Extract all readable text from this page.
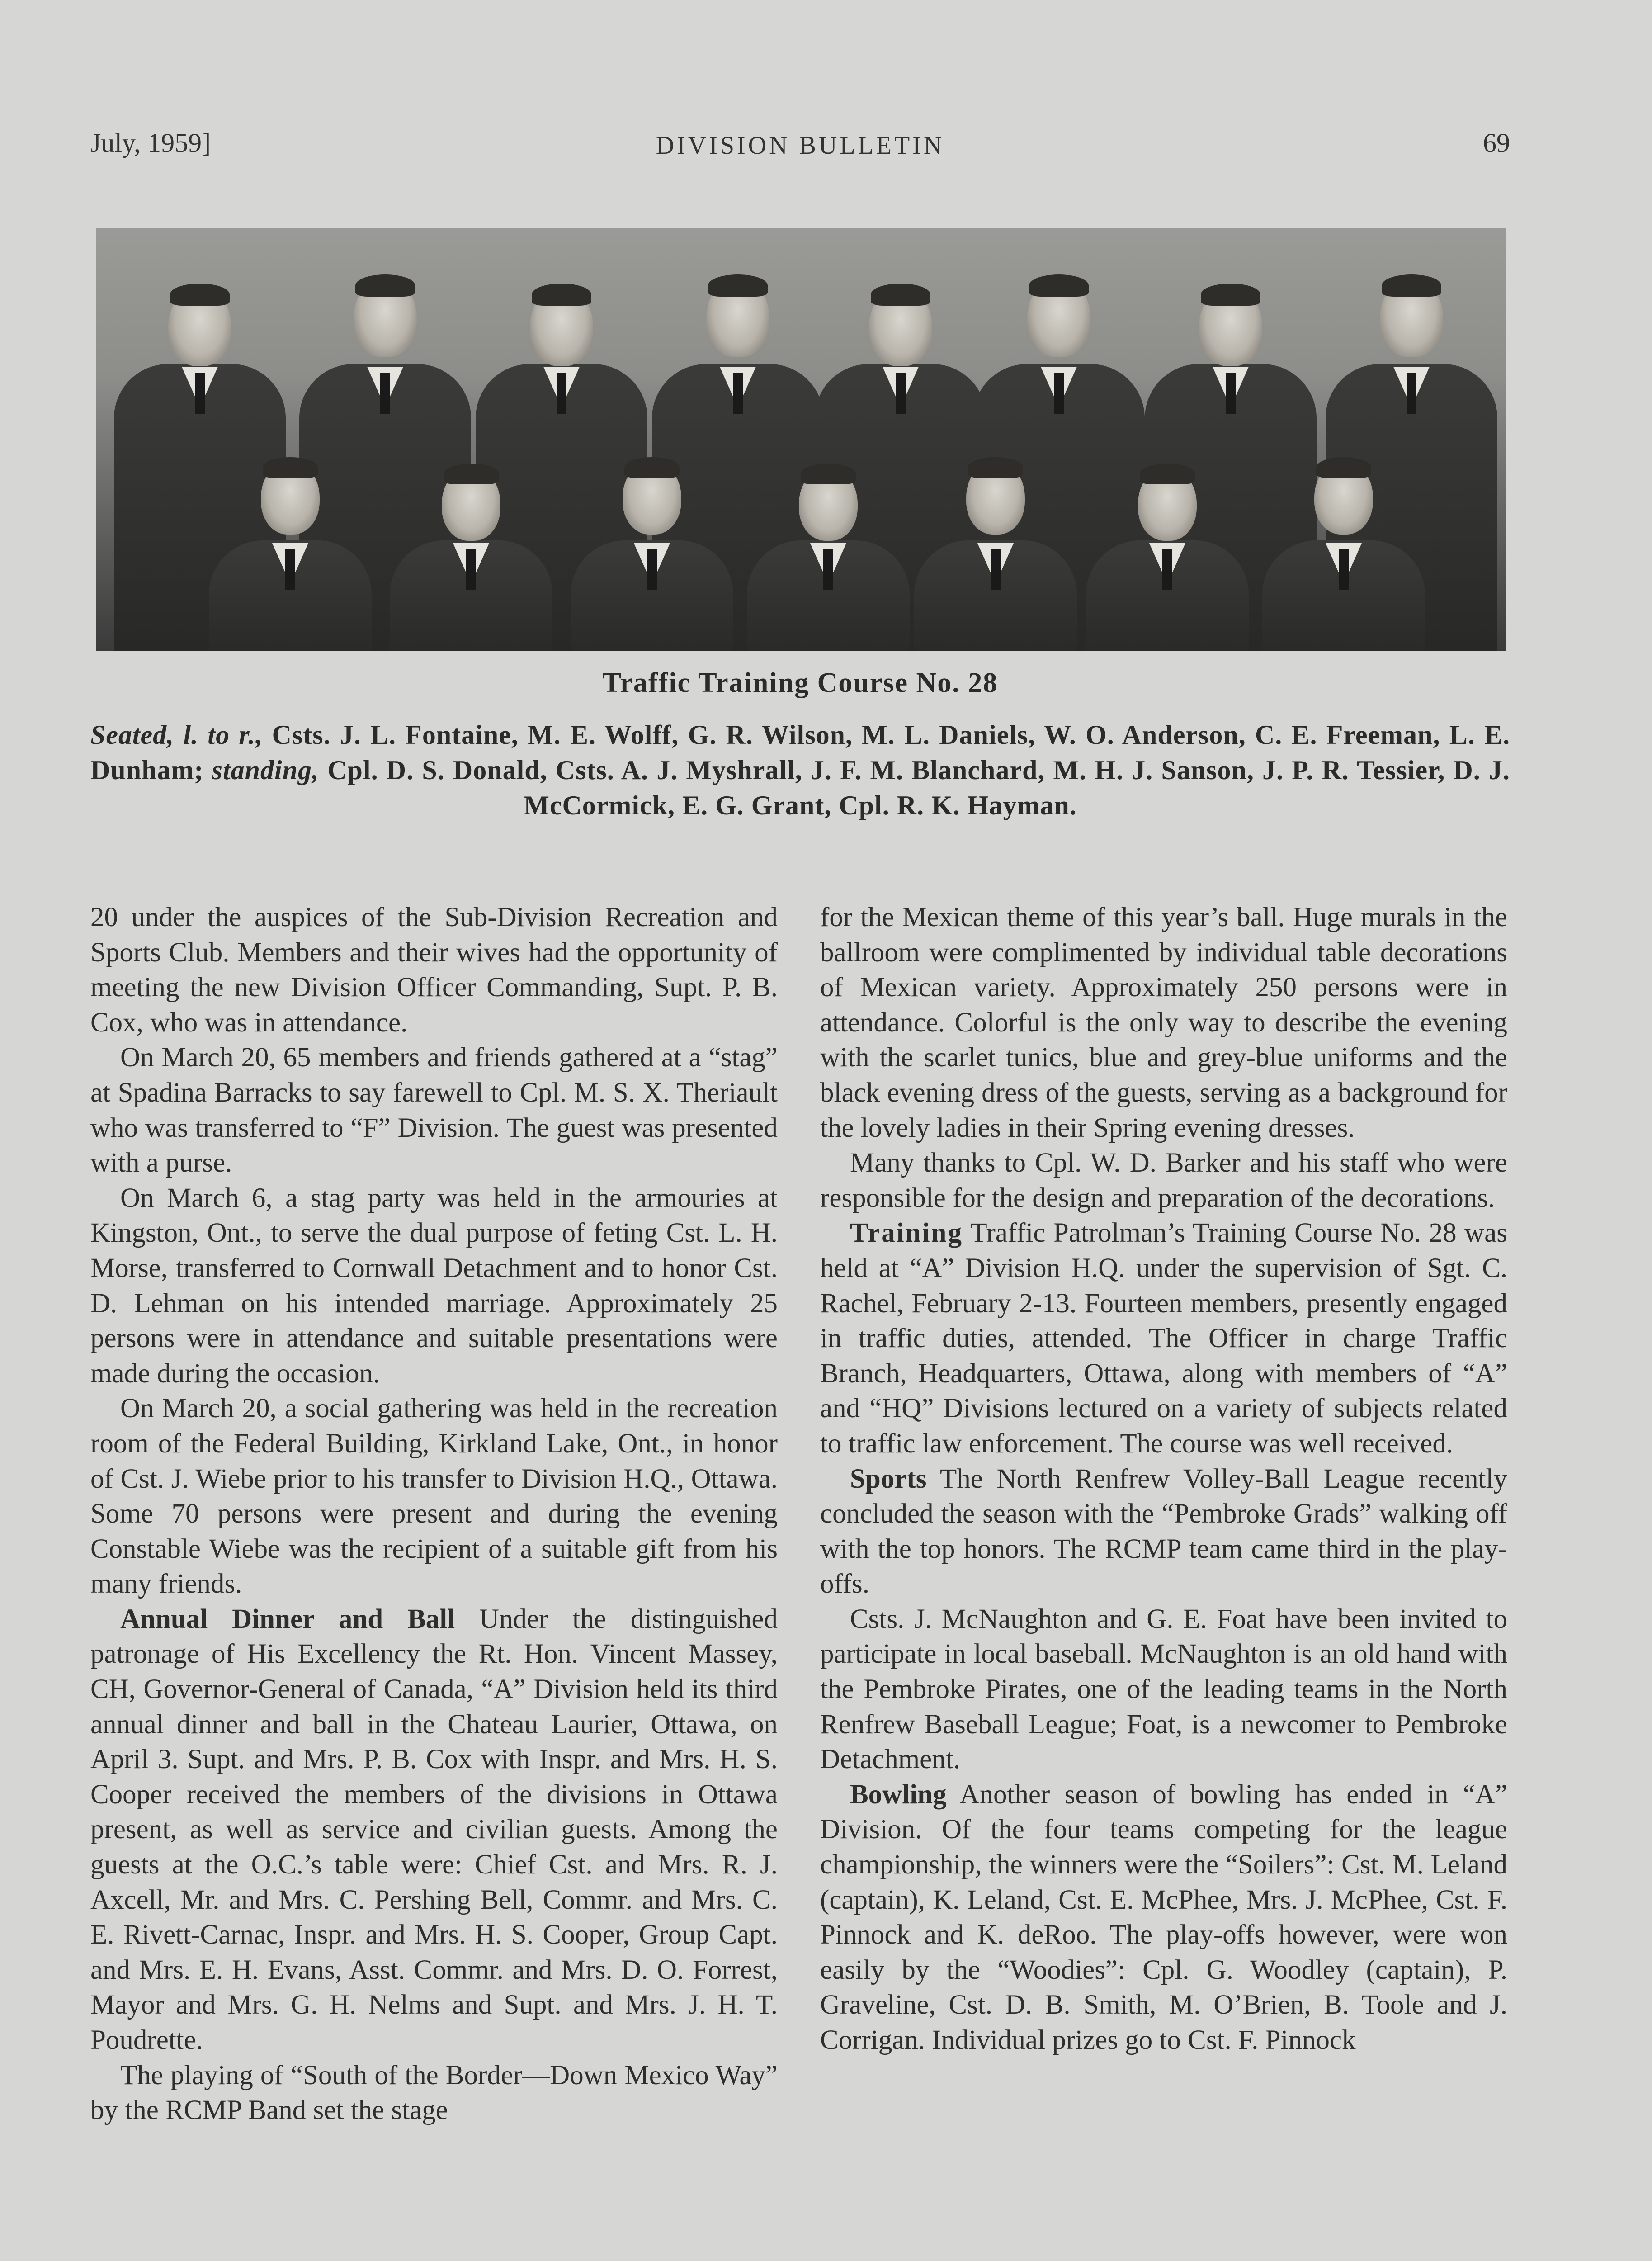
July, 1959]	DIVISION BULLETIN	69
Traffic Training Course No. 28
Seated, l. to r., Csts. J. L. Fontaine, M. E. Wolff, G. R. Wilson, M. L. Daniels, W. O. Anderson, C. E. Freeman, L. E. Dunham; standing, Cpl. D. S. Donald, Csts. A. J. Myshrall, J. F. M. Blanchard, M. H. J. Sanson, J. P. R. Tessier, D. J. McCormick, E. G. Grant, Cpl. R. K. Hayman.

20 under the auspices of the Sub-Division Recreation and Sports Club. Members and their wives had the opportunity of meeting the new Division Officer Commanding, Supt. P. B. Cox, who was in attendance.

On March 20, 65 members and friends gathered at a “stag” at Spadina Barracks to say farewell to Cpl. M. S. X. Theriault who was transferred to “F” Division. The guest was presented with a purse.

On March 6, a stag party was held in the armouries at Kingston, Ont., to serve the dual purpose of feting Cst. L. H. Morse, transferred to Cornwall Detachment and to honor Cst. D. Lehman on his intended marriage. Approximately 25 persons were in attendance and suitable presentations were made during the occasion.

On March 20, a social gathering was held in the recreation room of the Federal Building, Kirkland Lake, Ont., in honor of Cst. J. Wiebe prior to his transfer to Division H.Q., Ottawa. Some 70 persons were present and during the evening Constable Wiebe was the recipient of a suitable gift from his many friends.

Annual Dinner and Ball Under the distinguished patronage of His Excellency the Rt. Hon. Vincent Massey, CH, Governor-General of Canada, “A” Division held its third annual dinner and ball in the Chateau Laurier, Ottawa, on April 3. Supt. and Mrs. P. B. Cox with Inspr. and Mrs. H. S. Cooper received the members of the divisions in Ottawa present, as well as service and civilian guests. Among the guests at the O.C.’s table were: Chief Cst. and Mrs. R. J. Axcell, Mr. and Mrs. C. Pershing Bell, Commr. and Mrs. C. E. Rivett-Carnac, Inspr. and Mrs. H. S. Cooper, Group Capt. and Mrs. E. H. Evans, Asst. Commr. and Mrs. D. O. Forrest, Mayor and Mrs. G. H. Nelms and Supt. and Mrs. J. H. T. Poudrette.

The playing of “South of the Border—Down Mexico Way” by the RCMP Band set the stage

for the Mexican theme of this year’s ball. Huge murals in the ballroom were complimented by individual table decorations of Mexican variety. Approximately 250 persons were in attendance. Colorful is the only way to describe the evening with the scarlet tunics, blue and grey-blue uniforms and the black evening dress of the guests, serving as a background for the lovely ladies in their Spring evening dresses.

Many thanks to Cpl. W. D. Barker and his staff who were responsible for the design and preparation of the decorations.

Training Traffic Patrolman’s Training Course No. 28 was held at “A” Division H.Q. under the supervision of Sgt. C. Rachel, February 2-13. Fourteen members, presently engaged in traffic duties, attended. The Officer in charge Traffic Branch, Headquarters, Ottawa, along with members of “A” and “HQ” Divisions lectured on a variety of subjects related to traffic law enforcement. The course was well received.

Sports The North Renfrew Volley-Ball League recently concluded the season with the “Pembroke Grads” walking off with the top honors. The RCMP team came third in the play-offs.

Csts. J. McNaughton and G. E. Foat have been invited to participate in local baseball. McNaughton is an old hand with the Pembroke Pirates, one of the leading teams in the North Renfrew Baseball League; Foat, is a newcomer to Pembroke Detachment.

Bowling Another season of bowling has ended in “A” Division. Of the four teams competing for the league championship, the winners were the “Soilers”: Cst. M. Leland (captain), K. Leland, Cst. E. McPhee, Mrs. J. McPhee, Cst. F. Pinnock and K. deRoo. The play-offs however, were won easily by the “Woodies”: Cpl. G. Woodley (captain), P. Graveline, Cst. D. B. Smith, M. O’Brien, B. Toole and J. Corrigan. Individual prizes go to Cst. F. Pinnock
